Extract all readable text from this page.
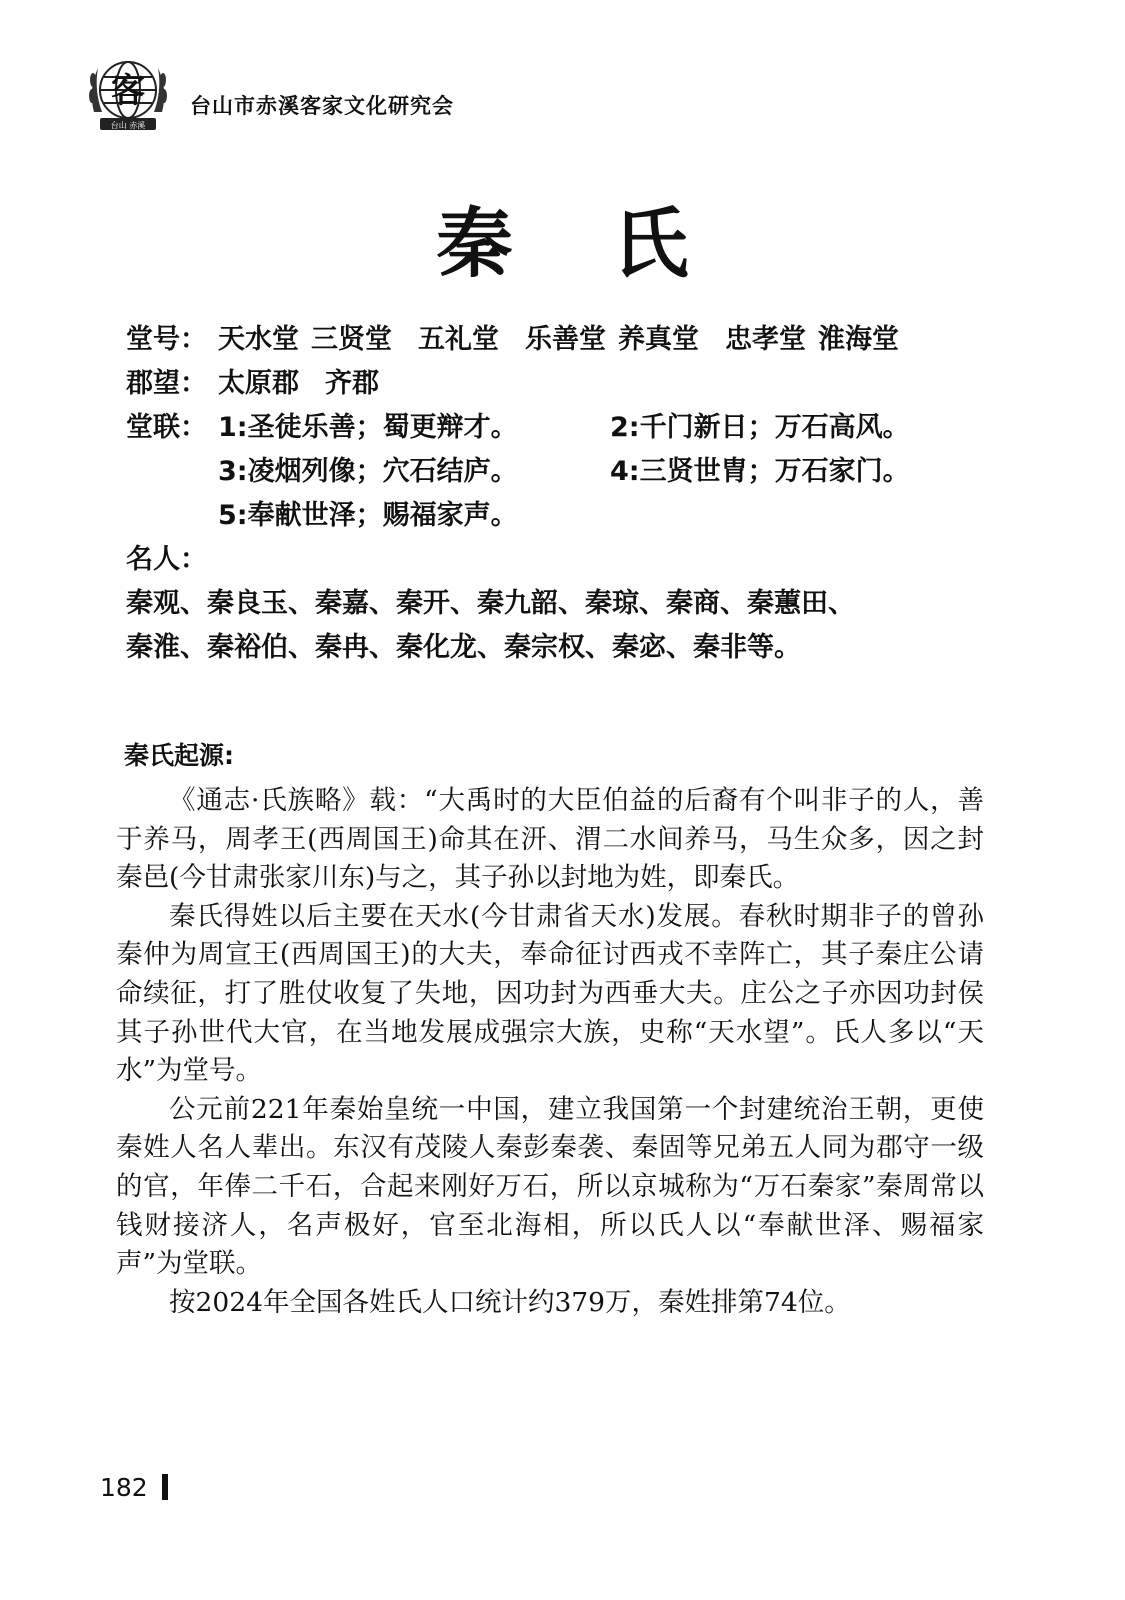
客
台山 赤溪
台山市赤溪客家文化研究会
秦 氏
堂号： 天水堂 三贤堂 五礼堂 乐善堂 养真堂 忠孝堂 淮海堂
郡望： 太原郡 齐郡
堂联： 1:圣徒乐善；蜀更辩才。	2:千门新日；万石高风。
3:凌烟列像；穴石结庐。	4:三贤世胄；万石家门。
5:奉献世泽；赐福家声。
名人：
秦观、秦良玉、秦嘉、秦开、秦九韶、秦琼、秦商、秦蕙田、
秦淮、秦裕伯、秦冉、秦化龙、秦宗权、秦宓、秦非等。
秦氏起源:

《通志·氏族略》载：“大禹时的大臣伯益的后裔有个叫非子的人，善于养马，周孝王(西周国王)命其在汧、渭二水间养马，马生众多，因之封秦邑(今甘肃张家川东)与之，其子孙以封地为姓，即秦氏。

秦氏得姓以后主要在天水(今甘肃省天水)发展。春秋时期非子的曾孙秦仲为周宣王(西周国王)的大夫，奉命征讨西戎不幸阵亡，其子秦庄公请命续征，打了胜仗收复了失地，因功封为西垂大夫。庄公之子亦因功封侯其子孙世代大官，在当地发展成强宗大族，史称“天水望”。氏人多以“天水”为堂号。

公元前221年秦始皇统一中国，建立我国第一个封建统治王朝，更使秦姓人名人辈出。东汉有茂陵人秦彭秦袭、秦固等兄弟五人同为郡守一级的官，年俸二千石，合起来刚好万石，所以京城称为“万石秦家”秦周常以钱财接济人，名声极好，官至北海相，所以氏人以“奉献世泽、赐福家声”为堂联。

按2024年全国各姓氏人口统计约379万，秦姓排第74位。

182
